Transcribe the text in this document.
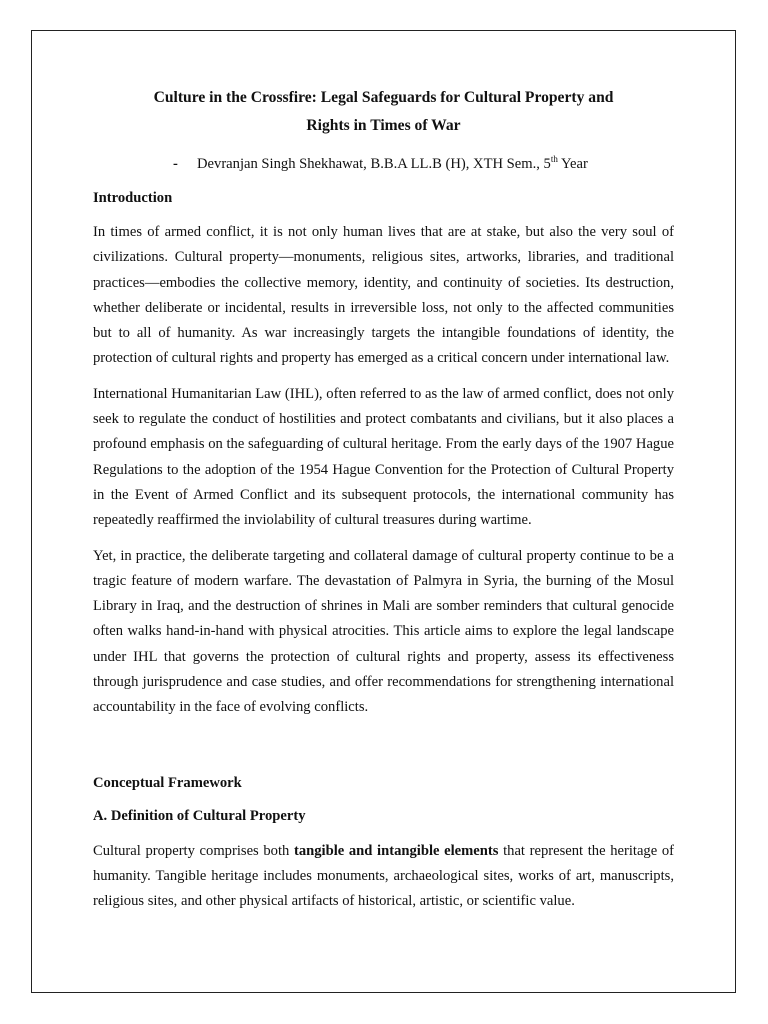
Culture in the Crossfire: Legal Safeguards for Cultural Property and
Rights in Times of War
- Devranjan Singh Shekhawat, B.B.A LL.B (H), XTH Sem., 5th Year
Introduction

In times of armed conflict, it is not only human lives that are at stake, but also the very soul of civilizations. Cultural property—monuments, religious sites, artworks, libraries, and traditional practices—embodies the collective memory, identity, and continuity of societies. Its destruction, whether deliberate or incidental, results in irreversible loss, not only to the affected communities but to all of humanity. As war increasingly targets the intangible foundations of identity, the protection of cultural rights and property has emerged as a critical concern under international law.

International Humanitarian Law (IHL), often referred to as the law of armed conflict, does not only seek to regulate the conduct of hostilities and protect combatants and civilians, but it also places a profound emphasis on the safeguarding of cultural heritage. From the early days of the 1907 Hague Regulations to the adoption of the 1954 Hague Convention for the Protection of Cultural Property in the Event of Armed Conflict and its subsequent protocols, the international community has repeatedly reaffirmed the inviolability of cultural treasures during wartime.

Yet, in practice, the deliberate targeting and collateral damage of cultural property continue to be a tragic feature of modern warfare. The devastation of Palmyra in Syria, the burning of the Mosul Library in Iraq, and the destruction of shrines in Mali are somber reminders that cultural genocide often walks hand-in-hand with physical atrocities. This article aims to explore the legal landscape under IHL that governs the protection of cultural rights and property, assess its effectiveness through jurisprudence and case studies, and offer recommendations for strengthening international accountability in the face of evolving conflicts.

Conceptual Framework
A. Definition of Cultural Property

Cultural property comprises both tangible and intangible elements that represent the heritage of humanity. Tangible heritage includes monuments, archaeological sites, works of art, manuscripts, religious sites, and other physical artifacts of historical, artistic, or scientific value.
